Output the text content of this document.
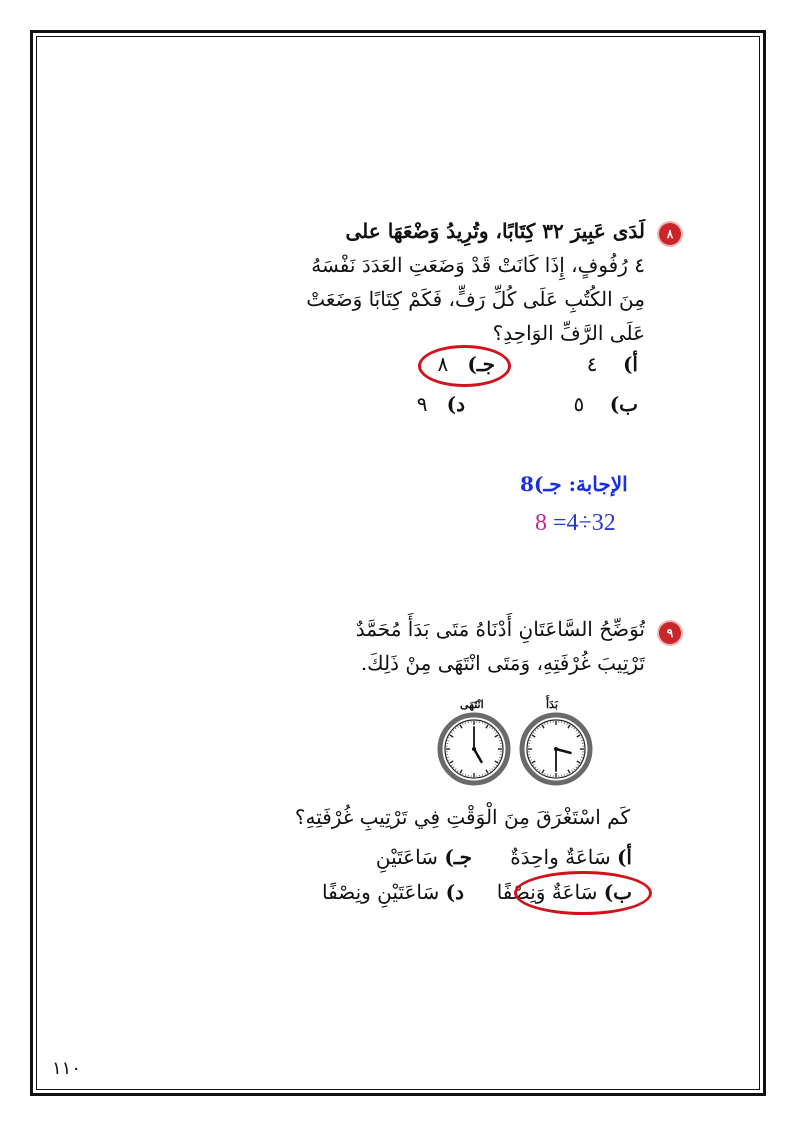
٨
لَدَى عَبِيرَ ٣٢ كِتَابًا، وتُرِيدُ وَضْعَهَا على
٤ رُفُوفٍ، إِذَا كَانَتْ قَدْ وَضَعَتِ العَدَدَ نَفْسَهُ
مِنَ الكُتُبِ عَلَى كُلِّ رَفٍّ، فَكَمْ كِتَابًا وَضَعَتْ
عَلَى الرَّفِّ الوَاحِدِ؟
أ)    ٤
ب)    ٥
جـ)   ٨
د)   ٩
الإجابة: جـ)8
8 =4÷32
٩
تُوَضِّحُ السَّاعَتَانِ أَدْنَاهُ مَتَى بَدَأَ مُحَمَّدٌ
تَرْتِيبَ غُرْفَتِهِ، وَمَتَى انْتَهَى مِنْ ذَلِكَ.
بَدَأَ
انْتَهَى
كَم اسْتَغْرَقَ مِنَ الْوَقْتِ فِي تَرْتِيبِ غُرْفَتِهِ؟
أ) سَاعَةٌ واحِدَةٌ
ب) سَاعَةٌ وَنِصْفًا
جـ) سَاعَتَيْنِ
د) سَاعَتَيْنِ ونِصْفًا
١١٠
